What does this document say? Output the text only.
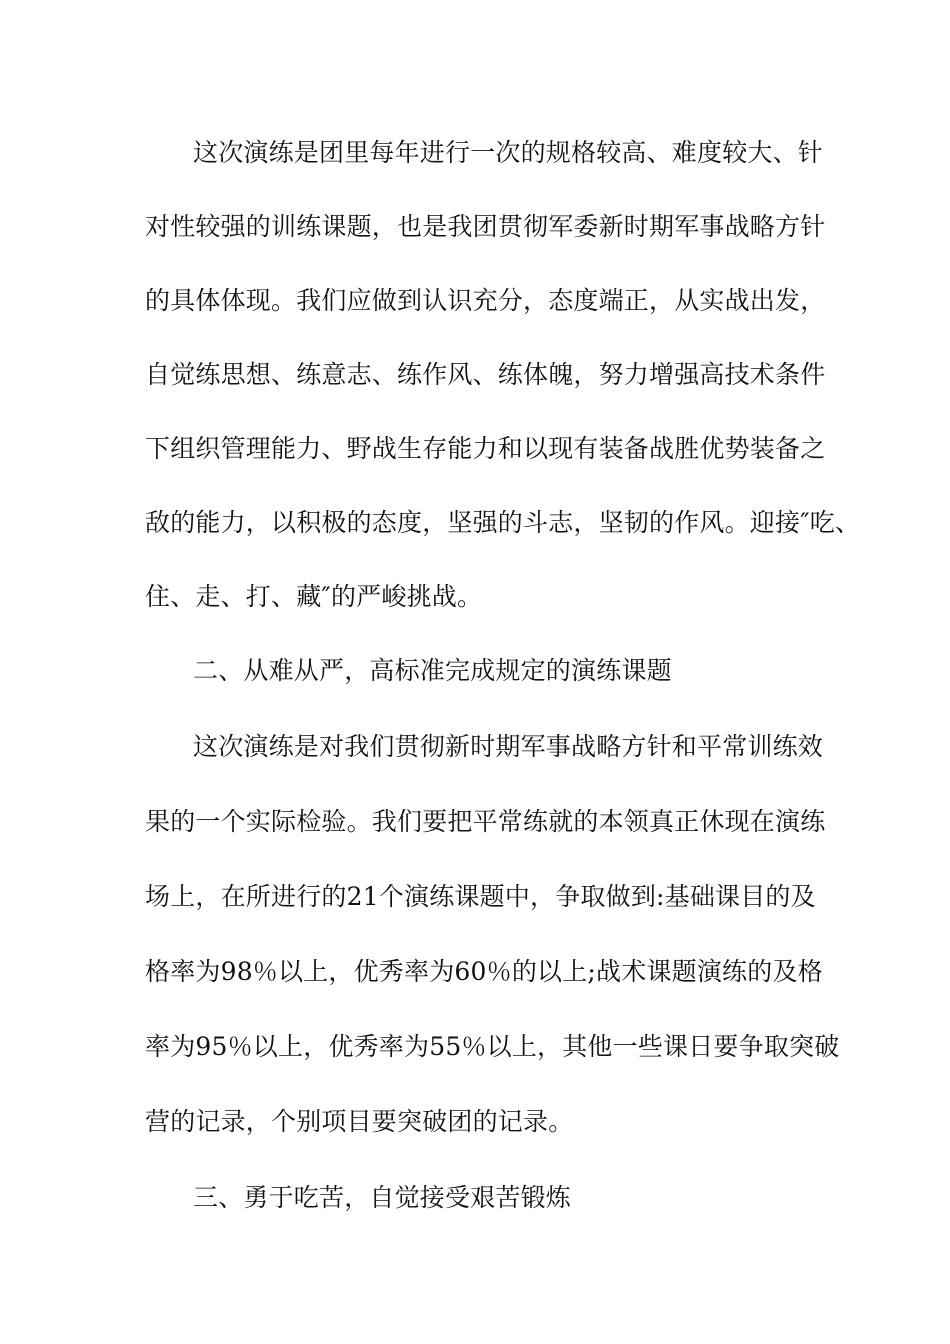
这次演练是团里每年进行一次的规格较高、难度较大、针
对性较强的训练课题，也是我团贯彻军委新时期军事战略方针
的具体体现。我们应做到认识充分，态度端正，从实战出发，
自觉练思想、练意志、练作风、练体魄，努力增强高技术条件
下组织管理能力、野战生存能力和以现有装备战胜优势装备之
敌的能力，以积极的态度，坚强的斗志，坚韧的作风。迎接″吃、
住、走、打、藏″的严峻挑战。
二、从难从严，高标准完成规定的演练课题
这次演练是对我们贯彻新时期军事战略方针和平常训练效
果的一个实际检验。我们要把平常练就的本领真正休现在演练
场上，在所进行的21个演练课题中，争取做到:基础课目的及
格率为98％以上，优秀率为60％的以上;战术课题演练的及格
率为95％以上，优秀率为55％以上，其他一些课日要争取突破
营的记录，个别项目要突破团的记录。
三、勇于吃苦，自觉接受艰苦锻炼
